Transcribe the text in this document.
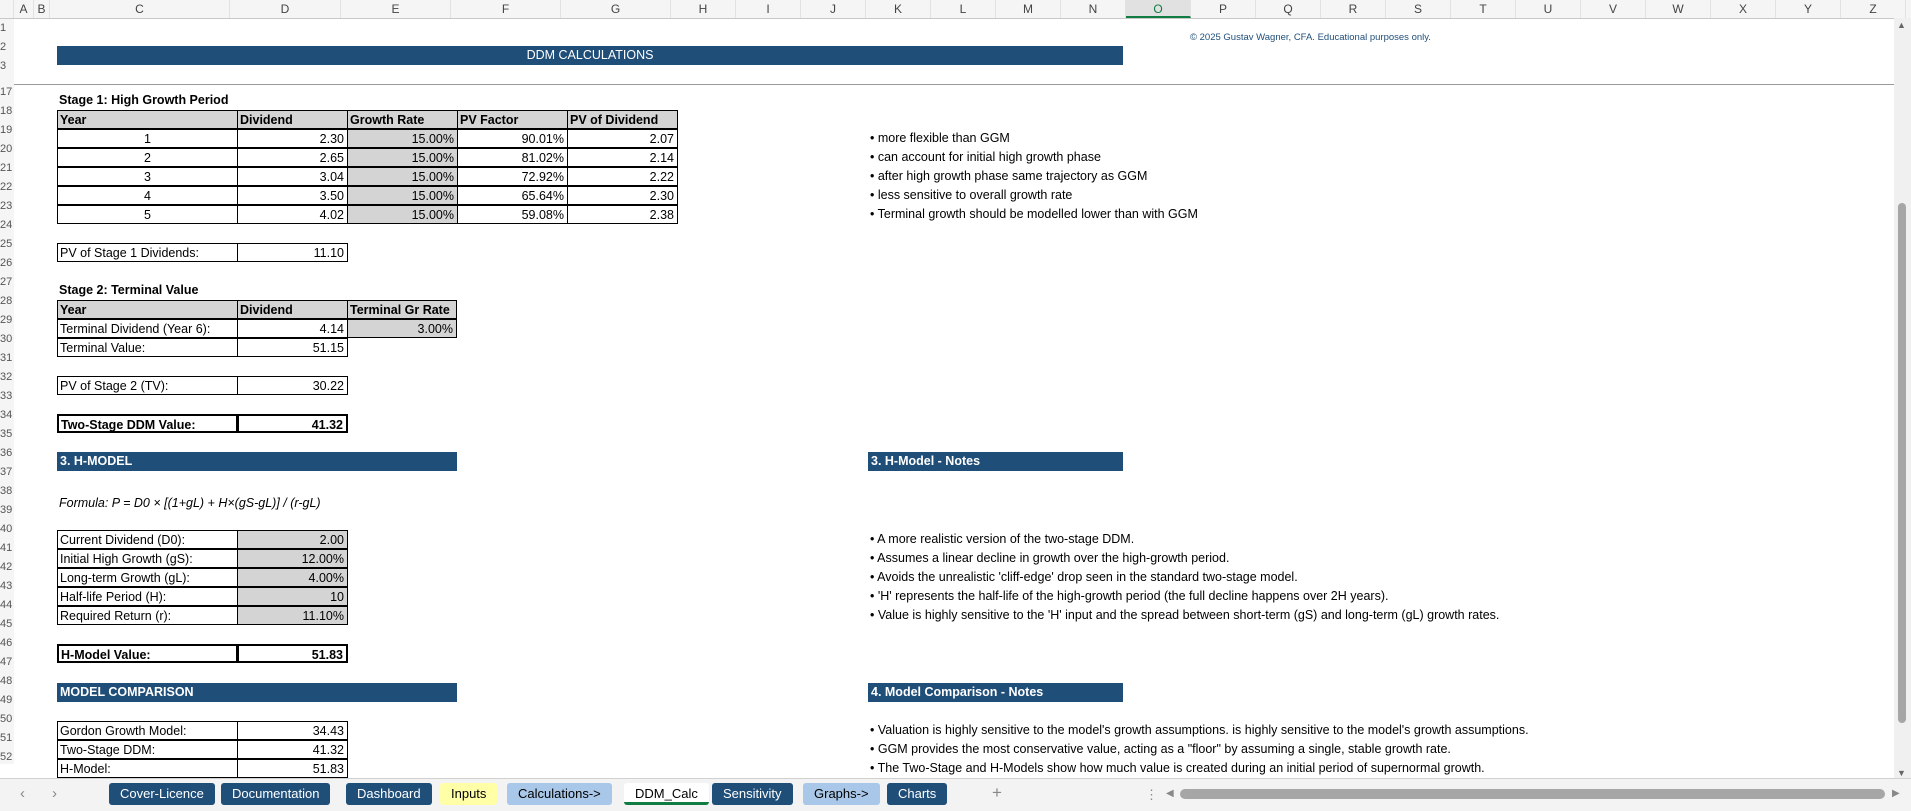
A B	C	D	E	F	G	H	I	J	K	L	M	N	O	P	Q	R	S	T	U	V	W	X	Y	Z
1
2
3
17
18
19
20
21
22
23
24
25
26
27
28
29
30
31
32
33
34
35
36
37
38
39
40
41
42
43
44
45
46
47
48
49
50
51
52
DDM CALCULATIONS
© 2025 Gustav Wagner, CFA. Educational purposes only.
Stage 1: High Growth Period
Year	Dividend	Growth Rate	PV Factor	PV of Dividend
1	2.30	15.00%	90.01%	2.07
2	2.65	15.00%	81.02%	2.14
3	3.04	15.00%	72.92%	2.22
4	3.50	15.00%	65.64%	2.30
5	4.02	15.00%	59.08%	2.38
PV of Stage 1 Dividends:	11.10
• more flexible than GGM
• can account for initial high growth phase
• after high growth phase same trajectory as GGM
• less sensitive to overall growth rate
• Terminal growth should be modelled lower than with GGM
Stage 2: Terminal Value
Year	Dividend	Terminal Gr Rate
Terminal Dividend (Year 6):	4.14	3.00%
Terminal Value:	51.15
PV of Stage 2 (TV):	30.22
Two-Stage DDM Value:	41.32
3. H-MODEL
Formula: P = D0 × [(1+gL) + H×(gS-gL)] / (r-gL)
Current Dividend (D0):	2.00
Initial High Growth (gS):	12.00%
Long-term Growth (gL):	4.00%
Half-life Period (H):	10
Required Return (r):	11.10%
H-Model Value:	51.83
3. H-Model - Notes
• A more realistic version of the two-stage DDM.
• Assumes a linear decline in growth over the high-growth period.
• Avoids the unrealistic 'cliff-edge' drop seen in the standard two-stage model.
• 'H' represents the half-life of the high-growth period (the full decline happens over 2H years).
• Value is highly sensitive to the 'H' input and the spread between short-term (gS) and long-term (gL) growth rates.
MODEL COMPARISON
Gordon Growth Model:	34.43
Two-Stage DDM:	41.32
H-Model:	51.83
4. Model Comparison - Notes
• Valuation is highly sensitive to the model's growth assumptions. is highly sensitive to the model's growth assumptions.
• GGM provides the most conservative value, acting as a "floor" by assuming a single, stable growth rate.
• The Two-Stage and H-Models show how much value is created during an initial period of supernormal growth.
▲
▼
‹ ›	Cover-Licence	Documentation	Dashboard	Inputs	Calculations->	DDM_Calc	Sensitivity	Graphs->	Charts	+	⋮ ◀	▶
